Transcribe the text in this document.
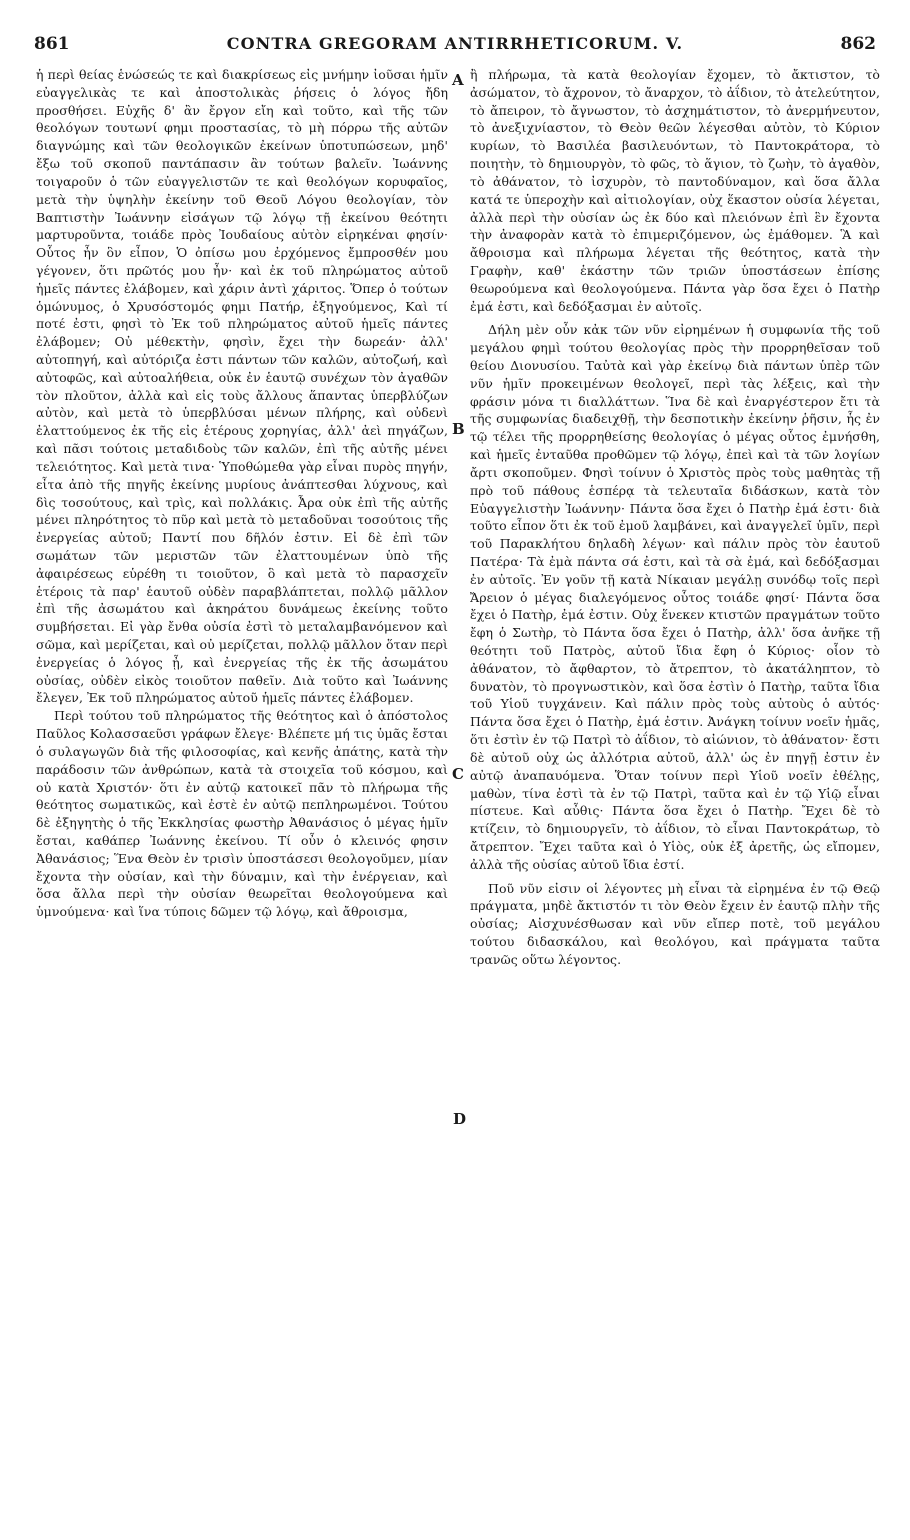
861	CONTRA GREGORAM ANTIRRHETICORUM. V.	862

ἡ περὶ θείας ἑνώσεώς τε καὶ διακρίσεως εἰς μνήμην ἰοῦσαι ἡμῖν εὐαγγελικὰς τε καὶ ἀποστολικὰς ῥήσεις ὁ λόγος ἤδη προσθήσει. Εὐχῆς δ' ἂν ἔργον εἴη καὶ τοῦτο, καὶ τῆς τῶν θεολόγων τουτωνί φημι προστασίας, τὸ μὴ πόρρω τῆς αὐτῶν διαγνώμης καὶ τῶν θεολογικῶν ἐκείνων ὑποτυπώσεων, μηδ' ἔξω τοῦ σκοποῦ παντάπασιν ἂν τούτων βαλεῖν. Ἰωάννης τοιγαροῦν ὁ τῶν εὐαγγελιστῶν τε καὶ θεολόγων κορυφαῖος, μετὰ τὴν ὑψηλὴν ἐκείνην τοῦ Θεοῦ Λόγου θεολογίαν, τὸν Βαπτιστὴν Ἰωάννην εἰσάγων τῷ λόγῳ τῇ ἐκείνου θεότητι μαρτυροῦντα, τοιάδε πρὸς Ἰουδαίους αὐτὸν εἰρηκέναι φησίν· Οὗτος ἦν ὃν εἶπον, Ὁ ὀπίσω μου ἐρχόμενος ἔμπροσθέν μου γέγονεν, ὅτι πρῶτός μου ἦν· καὶ ἐκ τοῦ πληρώματος αὐτοῦ ἡμεῖς πάντες ἐλάβομεν, καὶ χάριν ἀντὶ χάριτος. Ὅπερ ὁ τούτων ὁμώνυμος, ὁ Χρυσόστομός φημι Πατήρ, ἐξηγούμενος, Καὶ τί ποτέ ἐστι, φησὶ τὸ Ἐκ τοῦ πληρώματος αὐτοῦ ἡμεῖς πάντες ἐλάβομεν; Οὐ μέθεκτὴν, φησὶν, ἔχει τὴν δωρεάν· ἀλλ' αὐτοπηγή, καὶ αὐτόριζα ἐστι πάντων τῶν καλῶν, αὐτοζωή, καὶ αὐτοφῶς, καὶ αὐτοαλήθεια, οὐκ ἐν ἑαυτῷ συνέχων τὸν ἀγαθῶν τὸν πλοῦτον, ἀλλὰ καὶ εἰς τοὺς ἄλλους ἅπαντας ὑπερβλύζων αὐτὸν, καὶ μετὰ τὸ ὑπερβλύσαι μένων πλήρης, καὶ οὐδενὶ ἐλαττούμενος ἐκ τῆς εἰς ἑτέρους χορηγίας, ἀλλ' ἀεὶ πηγάζων, καὶ πᾶσι τούτοις μεταδιδοὺς τῶν καλῶν, ἐπὶ τῆς αὐτῆς μένει τελειότητος. Καὶ μετὰ τινα· Ὑποθώμεθα γὰρ εἶναι πυρὸς πηγήν, εἶτα ἀπὸ τῆς πηγῆς ἐκείνης μυρίους ἀνάπτεσθαι λύχνους, καὶ δὶς τοσούτους, καὶ τρὶς, καὶ πολλάκις. Ἆρα οὐκ ἐπὶ τῆς αὐτῆς μένει πληρότητος τὸ πῦρ καὶ μετὰ τὸ μεταδοῦναι τοσούτοις τῆς ἐνεργείας αὐτοῦ; Παντί που δῆλόν ἐστιν. Εἰ δὲ ἐπὶ τῶν σωμάτων τῶν μεριστῶν τῶν ἐλαττουμένων ὑπὸ τῆς ἀφαιρέσεως εὑρέθη τι τοιοῦτον, ὃ καὶ μετὰ τὸ παρασχεῖν ἑτέροις τὰ παρ' ἑαυτοῦ οὐδὲν παραβλάπτεται, πολλῷ μᾶλλον ἐπὶ τῆς ἀσωμάτου καὶ ἀκηράτου δυνάμεως ἐκείνης τοῦτο συμβήσεται. Εἰ γὰρ ἔνθα οὐσία ἐστὶ τὸ μεταλαμβανόμενον καὶ σῶμα, καὶ μερίζεται, καὶ οὐ μερίζεται, πολλῷ μᾶλλον ὅταν περὶ ἐνεργείας ὁ λόγος ᾖ, καὶ ἐνεργείας τῆς ἐκ τῆς ἀσωμάτου οὐσίας, οὐδὲν εἰκὸς τοιοῦτον παθεῖν. Διὰ τοῦτο καὶ Ἰωάννης ἔλεγεν, Ἐκ τοῦ πληρώματος αὐτοῦ ἡμεῖς πάντες ἐλάβομεν.

Περὶ τούτου τοῦ πληρώματος τῆς θεότητος καὶ ὁ ἀπόστολος Παῦλος Κολασσαεῦσι γράφων ἔλεγε· Βλέπετε μή τις ὑμᾶς ἔσται ὁ συλαγωγῶν διὰ τῆς φιλοσοφίας, καὶ κενῆς ἀπάτης, κατὰ τὴν παράδοσιν τῶν ἀνθρώπων, κατὰ τὰ στοιχεῖα τοῦ κόσμου, καὶ οὐ κατὰ Χριστόν· ὅτι ἐν αὐτῷ κατοικεῖ πᾶν τὸ πλήρωμα τῆς θεότητος σωματικῶς, καὶ ἐστὲ ἐν αὐτῷ πεπληρωμένοι. Τούτου δὲ ἐξηγητὴς ὁ τῆς Ἐκκλησίας φωστὴρ Ἀθανάσιος ὁ μέγας ἡμῖν ἔσται, καθάπερ Ἰωάννης ἐκείνου. Τί οὖν ὁ κλεινός φησιν Ἀθανάσιος; Ἕνα Θεὸν ἐν τρισὶν ὑποστάσεσι θεολογοῦμεν, μίαν ἔχοντα τὴν οὐσίαν, καὶ τὴν δύναμιν, καὶ τὴν ἐνέργειαν, καὶ ὅσα ἄλλα περὶ τὴν οὐσίαν θεωρεῖται θεολογούμενα καὶ ὑμνούμενα· καὶ ἵνα τύποις δῶμεν τῷ λόγῳ, καὶ ἄθροισμα,

A
B
C
D

ἢ πλήρωμα, τὰ κατὰ θεολογίαν ἔχομεν, τὸ ἄκτιστον, τὸ ἀσώματον, τὸ ἄχρονον, τὸ ἄναρχον, τὸ ἀΐδιον, τὸ ἀτελεύτητον, τὸ ἄπειρον, τὸ ἄγνωστον, τὸ ἀσχημάτιστον, τὸ ἀνερμήνευτον, τὸ ἀνεξιχνίαστον, τὸ Θεὸν θεῶν λέγεσθαι αὐτὸν, τὸ Κύριον κυρίων, τὸ Βασιλέα βασιλευόντων, τὸ Παντοκράτορα, τὸ ποιητὴν, τὸ δημιουργὸν, τὸ φῶς, τὸ ἅγιον, τὸ ζωὴν, τὸ ἀγαθὸν, τὸ ἀθάνατον, τὸ ἰσχυρὸν, τὸ παντοδύναμον, καὶ ὅσα ἄλλα κατά τε ὑπεροχὴν καὶ αἰτιολογίαν, οὐχ ἕκαστον οὐσία λέγεται, ἀλλὰ περὶ τὴν οὐσίαν ὡς ἐκ δύο καὶ πλειόνων ἐπὶ ἓν ἔχοντα τὴν ἀναφορὰν κατὰ τὸ ἐπιμεριζόμενον, ὡς ἐμάθομεν. Ἃ καὶ ἄθροισμα καὶ πλήρωμα λέγεται τῆς θεότητος, κατὰ τὴν Γραφὴν, καθ' ἑκάστην τῶν τριῶν ὑποστάσεων ἐπίσης θεωρούμενα καὶ θεολογούμενα. Πάντα γὰρ ὅσα ἔχει ὁ Πατὴρ ἐμά ἐστι, καὶ δεδόξασμαι ἐν αὐτοῖς.

Δήλη μὲν οὖν κἀκ τῶν νῦν εἰρημένων ἡ συμφωνία τῆς τοῦ μεγάλου φημὶ τούτου θεολογίας πρὸς τὴν προρρηθεῖσαν τοῦ θείου Διονυσίου. Ταὐτὰ καὶ γὰρ ἐκείνῳ διὰ πάντων ὑπὲρ τῶν νῦν ἡμῖν προκειμένων θεολογεῖ, περὶ τὰς λέξεις, καὶ τὴν φράσιν μόνα τι διαλλάττων. Ἵνα δὲ καὶ ἐναργέστερον ἔτι τὰ τῆς συμφωνίας διαδειχθῇ, τὴν δεσποτικὴν ἐκείνην ῥῆσιν, ἧς ἐν τῷ τέλει τῆς προρρηθείσης θεολογίας ὁ μέγας οὗτος ἐμνήσθη, καὶ ἡμεῖς ἐνταῦθα προθῶμεν τῷ λόγῳ, ἐπεὶ καὶ τὰ τῶν λογίων ἄρτι σκοποῦμεν. Φησὶ τοίνυν ὁ Χριστὸς πρὸς τοὺς μαθητὰς τῇ πρὸ τοῦ πάθους ἑσπέρᾳ τὰ τελευταῖα διδάσκων, κατὰ τὸν Εὐαγγελιστὴν Ἰωάννην· Πάντα ὅσα ἔχει ὁ Πατὴρ ἐμά ἐστι· διὰ τοῦτο εἶπον ὅτι ἐκ τοῦ ἐμοῦ λαμβάνει, καὶ ἀναγγελεῖ ὑμῖν, περὶ τοῦ Παρακλήτου δηλαδὴ λέγων· καὶ πάλιν πρὸς τὸν ἑαυτοῦ Πατέρα· Τὰ ἐμὰ πάντα σά ἐστι, καὶ τὰ σὰ ἐμά, καὶ δεδόξασμαι ἐν αὐτοῖς. Ἐν γοῦν τῇ κατὰ Νίκαιαν μεγάλῃ συνόδῳ τοῖς περὶ Ἄρειον ὁ μέγας διαλεγόμενος οὗτος τοιάδε φησί· Πάντα ὅσα ἔχει ὁ Πατὴρ, ἐμά ἐστιν. Οὐχ ἕνεκεν κτιστῶν πραγμάτων τοῦτο ἔφη ὁ Σωτὴρ, τὸ Πάντα ὅσα ἔχει ὁ Πατὴρ, ἀλλ' ὅσα ἀνῆκε τῇ θεότητι τοῦ Πατρὸς, αὐτοῦ ἴδια ἔφη ὁ Κύριος· οἷον τὸ ἀθάνατον, τὸ ἄφθαρτον, τὸ ἄτρεπτον, τὸ ἀκατάληπτον, τὸ δυνατὸν, τὸ προγνωστικὸν, καὶ ὅσα ἐστὶν ὁ Πατὴρ, ταῦτα ἴδια τοῦ Υἱοῦ τυγχάνειν. Καὶ πάλιν πρὸς τοὺς αὐτοὺς ὁ αὐτός· Πάντα ὅσα ἔχει ὁ Πατὴρ, ἐμά ἐστιν. Ἀνάγκη τοίνυν νοεῖν ἡμᾶς, ὅτι ἐστὶν ἐν τῷ Πατρὶ τὸ ἀΐδιον, τὸ αἰώνιον, τὸ ἀθάνατον· ἔστι δὲ αὐτοῦ οὐχ ὡς ἀλλότρια αὐτοῦ, ἀλλ' ὡς ἐν πηγῇ ἐστιν ἐν αὐτῷ ἀναπαυόμενα. Ὅταν τοίνυν περὶ Υἱοῦ νοεῖν ἐθέλῃς, μαθὼν, τίνα ἐστὶ τὰ ἐν τῷ Πατρὶ, ταῦτα καὶ ἐν τῷ Υἱῷ εἶναι πίστευε. Καὶ αὖθις· Πάντα ὅσα ἔχει ὁ Πατὴρ. Ἔχει δὲ τὸ κτίζειν, τὸ δημιουργεῖν, τὸ ἀΐδιον, τὸ εἶναι Παντοκράτωρ, τὸ ἄτρεπτον. Ἔχει ταῦτα καὶ ὁ Υἱὸς, οὐκ ἐξ ἀρετῆς, ὡς εἴπομεν, ἀλλὰ τῆς οὐσίας αὐτοῦ ἴδια ἐστί.

Ποῦ νῦν εἰσιν οἱ λέγοντες μὴ εἶναι τὰ εἰρημένα ἐν τῷ Θεῷ πράγματα, μηδὲ ἄκτιστόν τι τὸν Θεὸν ἔχειν ἐν ἑαυτῷ πλὴν τῆς οὐσίας; Αἰσχυνέσθωσαν καὶ νῦν εἴπερ ποτὲ, τοῦ μεγάλου τούτου διδασκάλου, καὶ θεολόγου, καὶ πράγματα ταῦτα τρανῶς οὕτω λέγοντος.
